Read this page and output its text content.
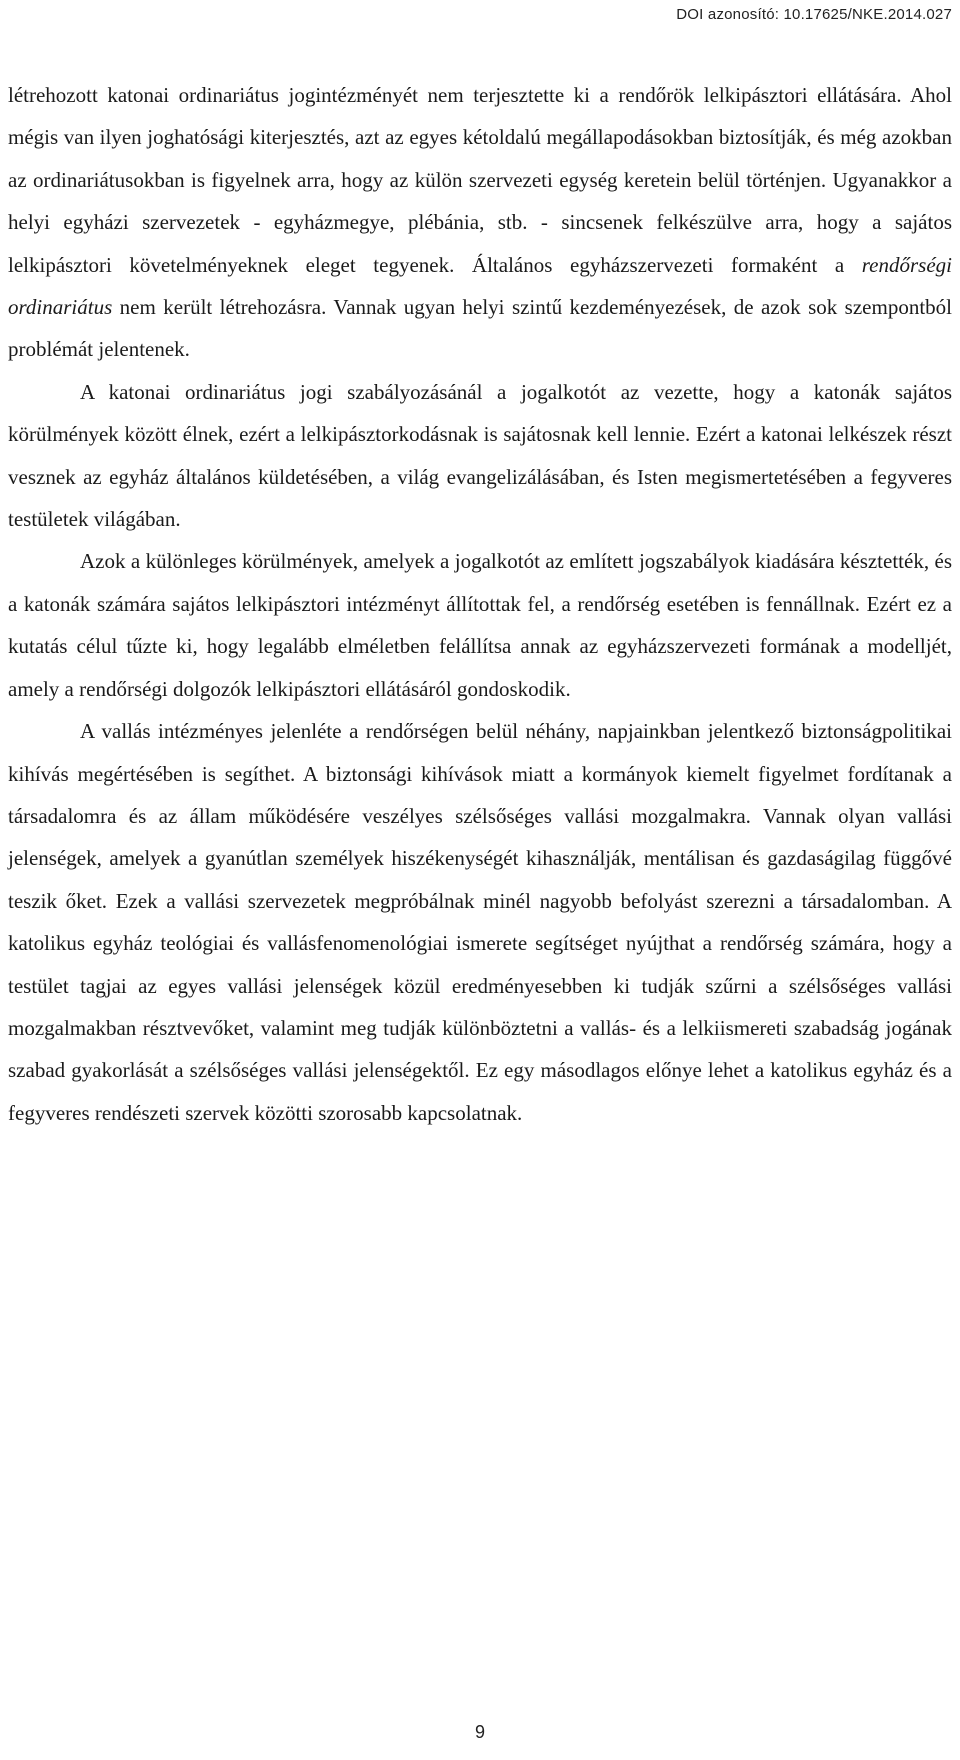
DOI azonosító: 10.17625/NKE.2014.027

létrehozott katonai ordinariátus jogintézményét nem terjesztette ki a rendőrök lelkipásztori ellátására. Ahol mégis van ilyen joghatósági kiterjesztés, azt az egyes kétoldalú megállapodásokban biztosítják, és még azokban az ordinariátusokban is figyelnek arra, hogy az külön szervezeti egység keretein belül történjen. Ugyanakkor a helyi egyházi szervezetek - egyházmegye, plébánia, stb. - sincsenek felkészülve arra, hogy a sajátos lelkipásztori követelményeknek eleget tegyenek. Általános egyházszervezeti formaként a rendőrségi ordinariátus nem került létrehozásra. Vannak ugyan helyi szintű kezdeményezések, de azok sok szempontból problémát jelentenek.

A katonai ordinariátus jogi szabályozásánál a jogalkotót az vezette, hogy a katonák sajátos körülmények között élnek, ezért a lelkipásztorkodásnak is sajátosnak kell lennie. Ezért a katonai lelkészek részt vesznek az egyház általános küldetésében, a világ evangelizálásában, és Isten megismertetésében a fegyveres testületek világában.

Azok a különleges körülmények, amelyek a jogalkotót az említett jogszabályok kiadására késztették, és a katonák számára sajátos lelkipásztori intézményt állítottak fel, a rendőrség esetében is fennállnak. Ezért ez a kutatás célul tűzte ki, hogy legalább elméletben felállítsa annak az egyházszervezeti formának a modelljét, amely a rendőrségi dolgozók lelkipásztori ellátásáról gondoskodik.

A vallás intézményes jelenléte a rendőrségen belül néhány, napjainkban jelentkező biztonságpolitikai kihívás megértésében is segíthet. A biztonsági kihívások miatt a kormányok kiemelt figyelmet fordítanak a társadalomra és az állam működésére veszélyes szélsőséges vallási mozgalmakra. Vannak olyan vallási jelenségek, amelyek a gyanútlan személyek hiszékenységét kihasználják, mentálisan és gazdaságilag függővé teszik őket. Ezek a vallási szervezetek megpróbálnak minél nagyobb befolyást szerezni a társadalomban. A katolikus egyház teológiai és vallásfenomenológiai ismerete segítséget nyújthat a rendőrség számára, hogy a testület tagjai az egyes vallási jelenségek közül eredményesebben ki tudják szűrni a szélsőséges vallási mozgalmakban résztvevőket, valamint meg tudják különböztetni a vallás- és a lelkiismereti szabadság jogának szabad gyakorlását a szélsőséges vallási jelenségektől. Ez egy másodlagos előnye lehet a katolikus egyház és a fegyveres rendészeti szervek közötti szorosabb kapcsolatnak.

9
